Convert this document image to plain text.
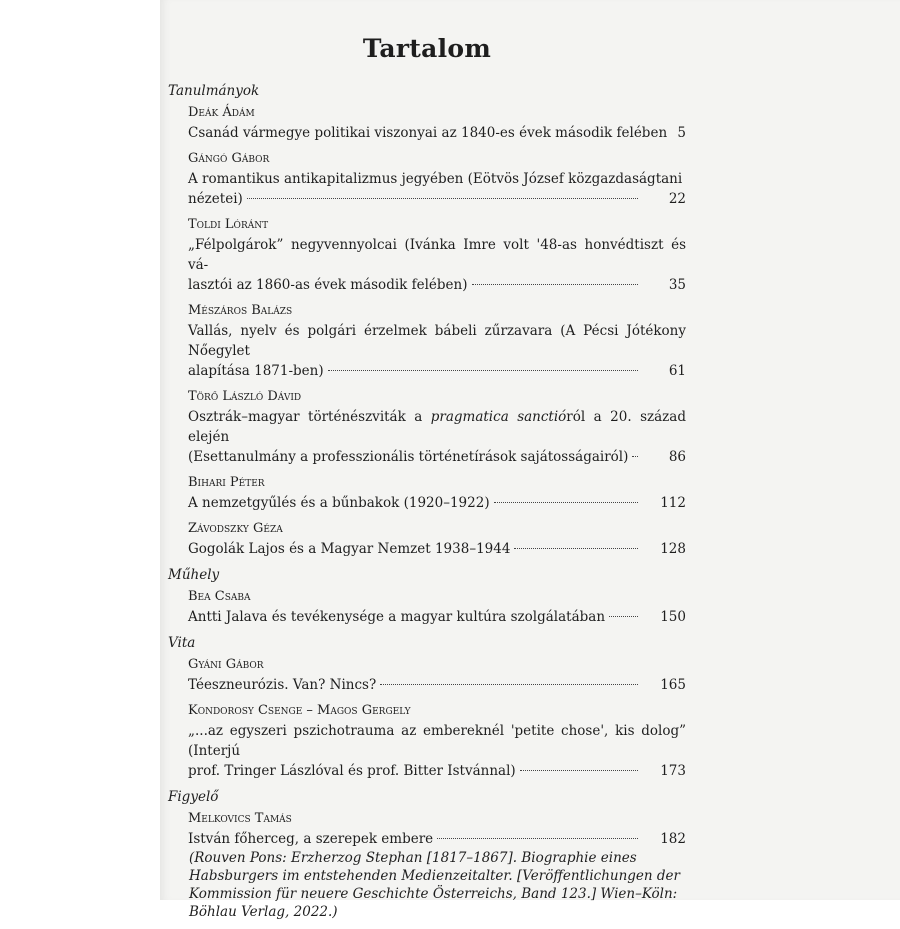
Tartalom
Tanulmányok
Deák Ádám
Csanád vármegye politikai viszonyai az 1840-es évek második felében 5
Gángó Gábor
A romantikus antikapitalizmus jegyében (Eötvös József közgazdaságtani
nézetei)	22
Toldi Lóránt
„Félpolgárok” negyvennyolcai (Ivánka Imre volt '48-as honvédtiszt és vá-
lasztói az 1860-as évek második felében)	35
Mészáros Balázs
Vallás, nyelv és polgári érzelmek bábeli zűrzavara (A Pécsi Jótékony Nőegylet
alapítása 1871-ben)	61
Törő László Dávid
Osztrák–magyar történészviták a pragmatica sanctióról a 20. század elején
(Esettanulmány a professzionális történetírások sajátosságairól)	86
Bihari Péter
A nemzetgyűlés és a bűnbakok (1920–1922)	112
Závodszky Géza
Gogolák Lajos és a Magyar Nemzet 1938–1944	128
Műhely
Bea Csaba
Antti Jalava és tevékenysége a magyar kultúra szolgálatában	150
Vita
Gyáni Gábor
Téeszneurózis. Van? Nincs?	165
Kondorosy Csenge – Magos Gergely
„...az egyszeri pszichotrauma az embereknél 'petite chose', kis dolog” (Interjú
prof. Tringer Lászlóval és prof. Bitter Istvánnal)	173
Figyelő
Melkovics Tamás
István főherceg, a szerepek embere	182
(Rouven Pons: Erzherzog Stephan [1817–1867]. Biographie eines Habsburgers im entstehenden Medienzeitalter. [Veröffentlichungen der Kommission für neuere Geschichte Österreichs, Band 123.] Wien–Köln: Böhlau Verlag, 2022.)
